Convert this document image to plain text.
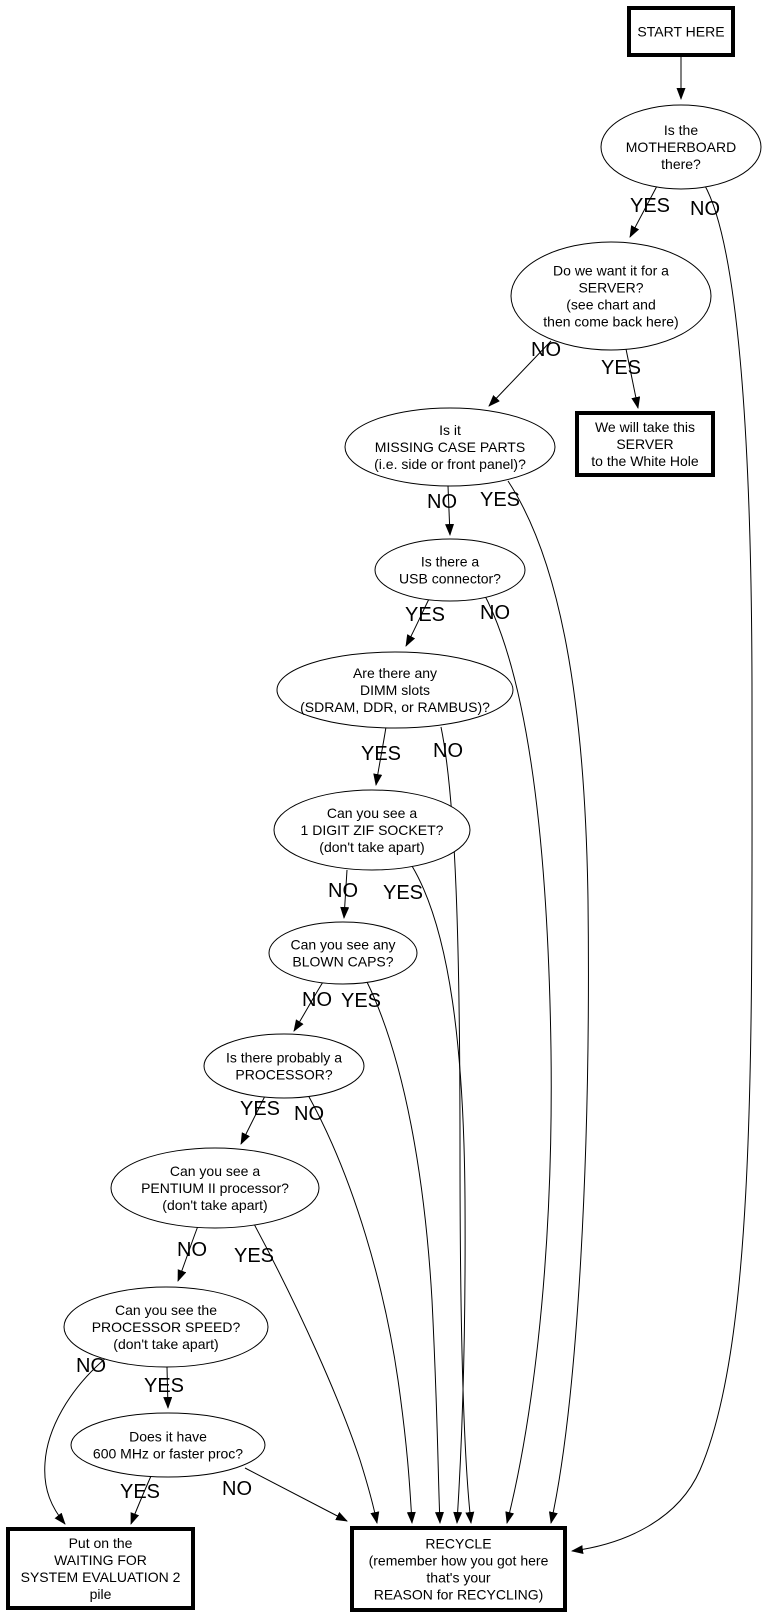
YES NO
NO
YES
NO YES
YES NO
YES NO
NO YES
NO YES
YES NO
NO YES
YES
NO
YES	NO
START HERE
Is the MOTHERBOARD there?
Do we want it for a SERVER? (see chart and then come back here)
We will take this SERVER to the White Hole
Is it MISSING CASE PARTS (i.e. side or front panel)?
Is there a USB connector?
Are there any DIMM slots (SDRAM, DDR, or RAMBUS)?
Can you see a 1 DIGIT ZIF SOCKET? (don't take apart)
Can you see any BLOWN CAPS?
Is there probably a PROCESSOR?
Can you see a PENTIUM II processor? (don't take apart)
Can you see the PROCESSOR SPEED? (don't take apart)
Does it have 600 MHz or faster proc?
Put on the WAITING FOR SYSTEM EVALUATION 2 pile
RECYCLE (remember how you got here that's your REASON for RECYCLING)
